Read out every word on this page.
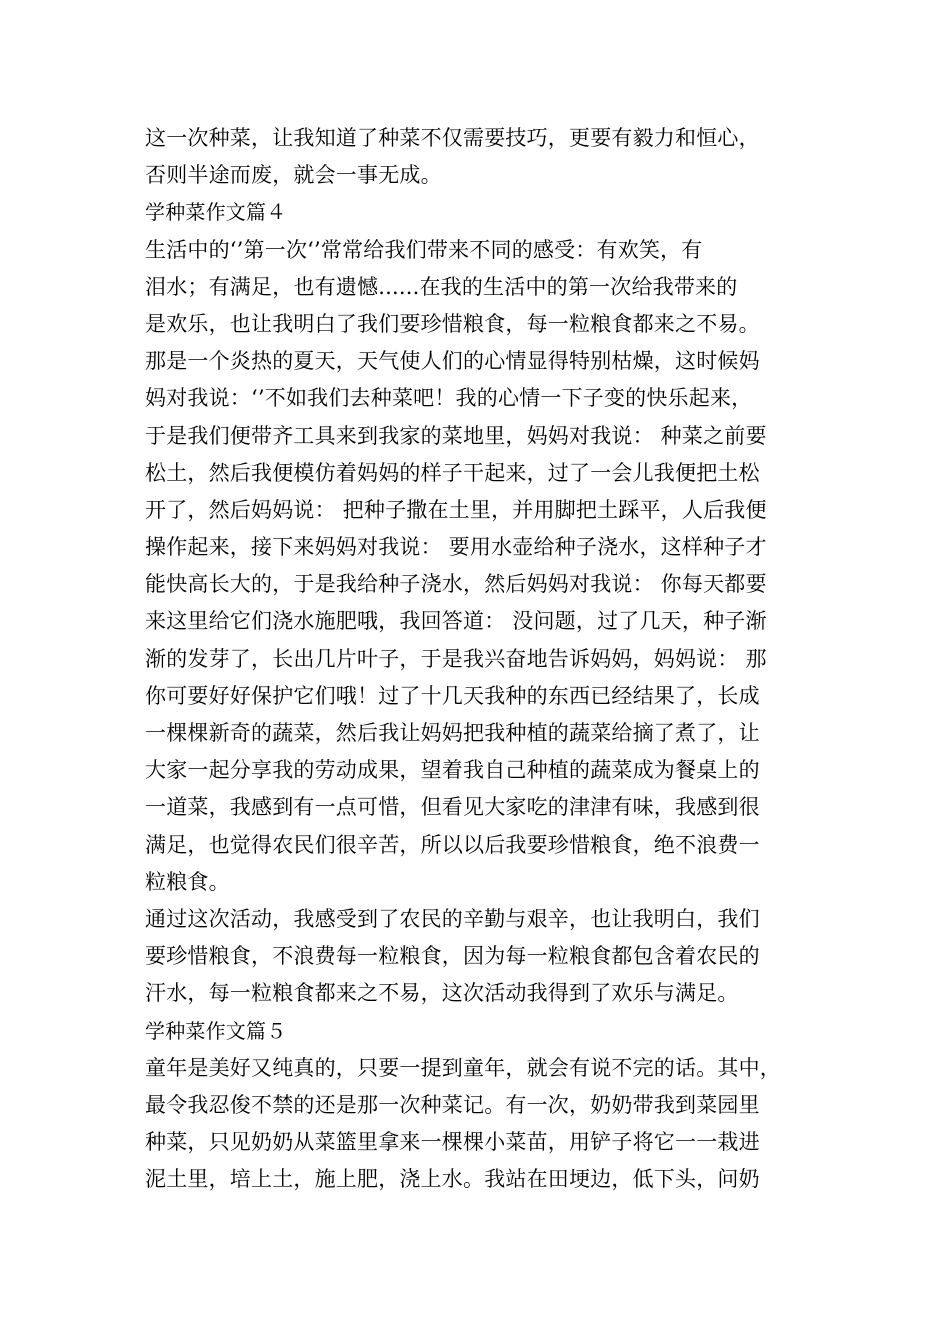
这一次种菜，让我知道了种菜不仅需要技巧，更要有毅力和恒心，
否则半途而废，就会一事无成。
学种菜作文篇４
生活中的‘’第一次‘’常常给我们带来不同的感受：有欢笑，有
泪水；有满足，也有遗憾......在我的生活中的第一次给我带来的
是欢乐，也让我明白了我们要珍惜粮食，每一粒粮食都来之不易。
那是一个炎热的夏天，天气使人们的心情显得特别枯燥，这时候妈
妈对我说：‘’不如我们去种菜吧！我的心情一下子变的快乐起来，
于是我们便带齐工具来到我家的菜地里，妈妈对我说： 种菜之前要
松土，然后我便模仿着妈妈的样子干起来，过了一会儿我便把土松
开了，然后妈妈说： 把种子撒在土里，并用脚把土踩平，人后我便
操作起来，接下来妈妈对我说： 要用水壶给种子浇水，这样种子才
能快高长大的，于是我给种子浇水，然后妈妈对我说： 你每天都要
来这里给它们浇水施肥哦，我回答道： 没问题，过了几天，种子渐
渐的发芽了，长出几片叶子，于是我兴奋地告诉妈妈，妈妈说： 那
你可要好好保护它们哦！过了十几天我种的东西已经结果了，长成
一棵棵新奇的蔬菜，然后我让妈妈把我种植的蔬菜给摘了煮了，让
大家一起分享我的劳动成果，望着我自己种植的蔬菜成为餐桌上的
一道菜，我感到有一点可惜，但看见大家吃的津津有味，我感到很
满足，也觉得农民们很辛苦，所以以后我要珍惜粮食，绝不浪费一
粒粮食。
通过这次活动，我感受到了农民的辛勤与艰辛，也让我明白，我们
要珍惜粮食，不浪费每一粒粮食，因为每一粒粮食都包含着农民的
汗水，每一粒粮食都来之不易，这次活动我得到了欢乐与满足。
学种菜作文篇５
童年是美好又纯真的，只要一提到童年，就会有说不完的话。其中，
最令我忍俊不禁的还是那一次种菜记。有一次，奶奶带我到菜园里
种菜，只见奶奶从菜篮里拿来一棵棵小菜苗，用铲子将它一一栽进
泥土里，培上土，施上肥，浇上水。我站在田埂边，低下头，问奶
